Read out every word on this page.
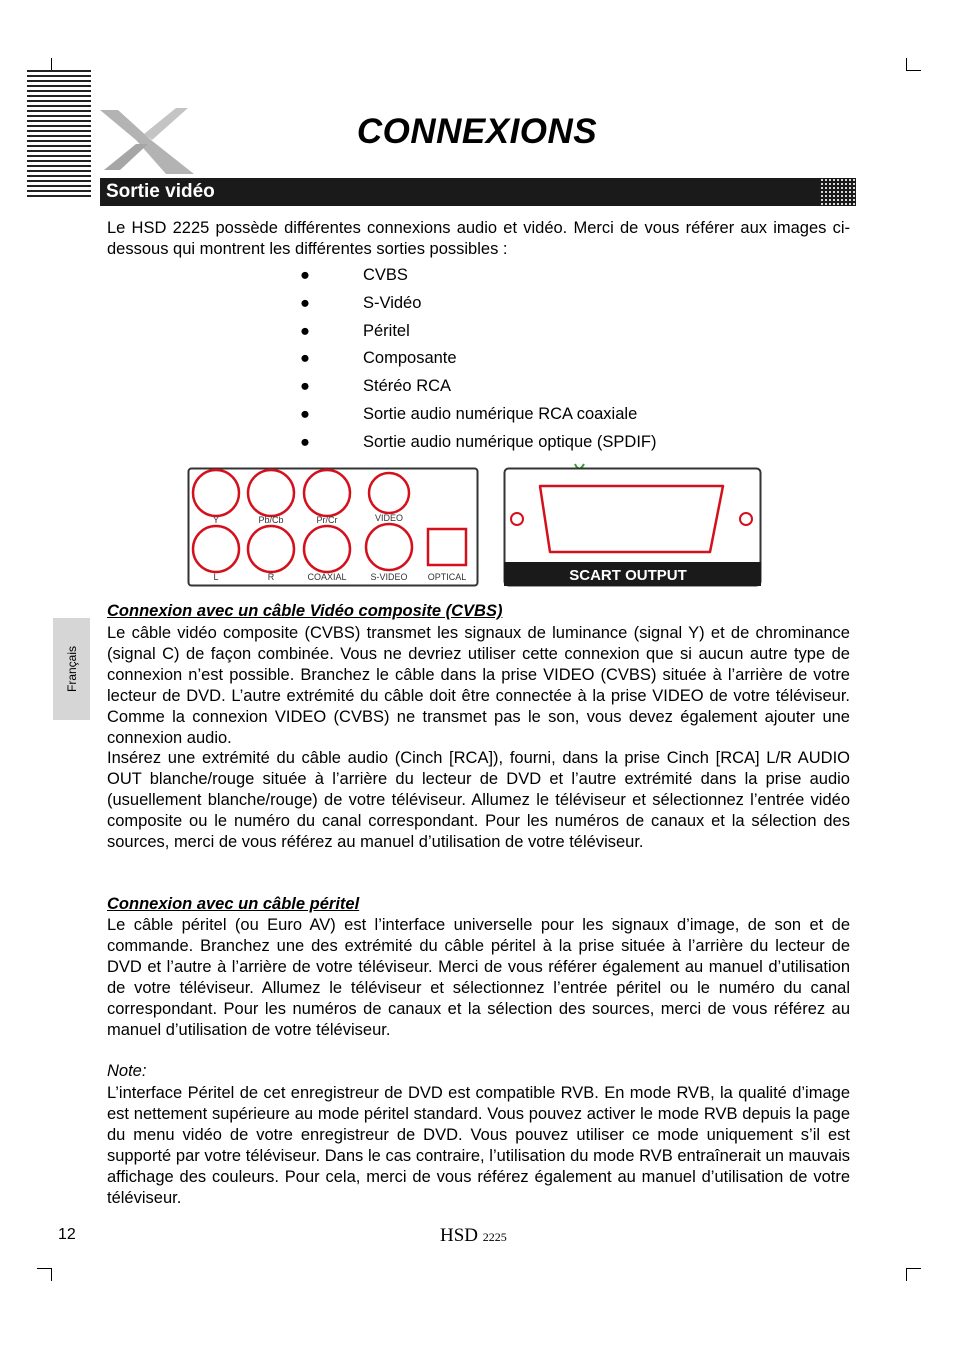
CONNEXIONS
Sortie vidéo
Le HSD 2225 possède différentes connexions audio et vidéo. Merci de vous référer aux images ci-dessous qui montrent les différentes sorties possibles :
●	CVBS
●	S-Vidéo
●	Péritel
●	Composante
●	Stéréo RCA
●	Sortie audio numérique RCA coaxiale
●	Sortie audio numérique optique (SPDIF)
Y	Pb/Cb	Pr/Cr	VIDEO
L	R	COAXIAL	S-VIDEO OPTICAL	SCART OUTPUT
Français
Connexion avec un câble Vidéo composite (CVBS)
Le câble vidéo composite (CVBS) transmet les signaux de luminance (signal Y) et de chrominance (signal C) de façon combinée. Vous ne devriez utiliser cette connexion que si aucun autre type de connexion n’est possible. Branchez le câble dans la prise VIDEO (CVBS) située à l’arrière de votre lecteur de DVD. L’autre extrémité du câble doit être connectée à la prise VIDEO de votre téléviseur. Comme la connexion VIDEO (CVBS) ne transmet pas le son, vous devez également ajouter une connexion audio.
Insérez une extrémité du câble audio (Cinch [RCA]), fourni, dans la prise Cinch [RCA] L/R AUDIO OUT blanche/rouge située à l’arrière du lecteur de DVD et l’autre extrémité dans la prise audio (usuellement blanche/rouge) de votre téléviseur. Allumez le téléviseur et sélectionnez l’entrée vidéo composite ou le numéro du canal correspondant. Pour les numéros de canaux et la sélection des sources, merci de vous référez au manuel d’utilisation de votre téléviseur.
Connexion avec un câble péritel
Le câble péritel (ou Euro AV) est l’interface universelle pour les signaux d’image, de son et de commande. Branchez une des extrémité du câble péritel à la prise située à l’arrière du lecteur de DVD et l’autre à l’arrière de votre téléviseur. Merci de vous référer également au manuel d’utilisation de votre téléviseur. Allumez le téléviseur et sélectionnez l’entrée péritel ou le numéro du canal correspondant. Pour les numéros de canaux et la sélection des sources, merci de vous référez au manuel d’utilisation de votre téléviseur.
Note:
L’interface Péritel de cet enregistreur de DVD est compatible RVB. En mode RVB, la qualité d’image est nettement supérieure au mode péritel standard. Vous pouvez activer le mode RVB depuis la page du menu vidéo de votre enregistreur de DVD. Vous pouvez utiliser ce mode uniquement s’il est supporté par votre téléviseur. Dans le cas contraire, l’utilisation du mode RVB entraînerait un mauvais affichage des couleurs. Pour cela, merci de vous référez également au manuel d’utilisation de votre téléviseur.
12	HSD 2225
